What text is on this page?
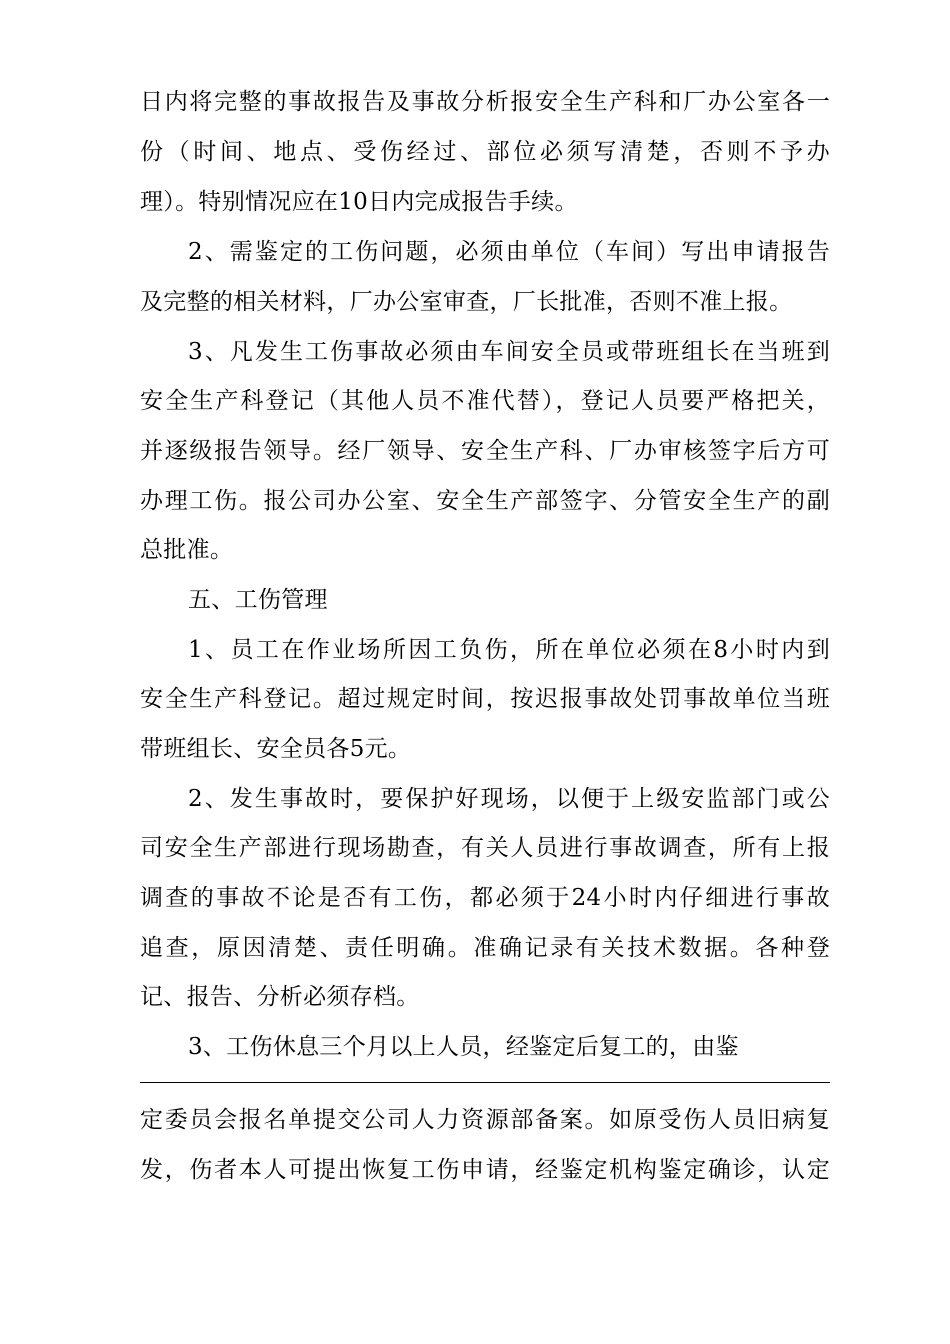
日内将完整的事故报告及事故分析报安全生产科和厂办公室各一
份（时间、地点、受伤经过、部位必须写清楚，否则不予办
理）。特别情况应在10日内完成报告手续。
2、需鉴定的工伤问题，必须由单位（车间）写出申请报告
及完整的相关材料，厂办公室审查，厂长批准，否则不准上报。
3、凡发生工伤事故必须由车间安全员或带班组长在当班到
安全生产科登记（其他人员不准代替），登记人员要严格把关，
并逐级报告领导。经厂领导、安全生产科、厂办审核签字后方可
办理工伤。报公司办公室、安全生产部签字、分管安全生产的副
总批准。
五、工伤管理
1、员工在作业场所因工负伤，所在单位必须在8小时内到
安全生产科登记。超过规定时间，按迟报事故处罚事故单位当班
带班组长、安全员各5元。
2、发生事故时，要保护好现场，以便于上级安监部门或公
司安全生产部进行现场勘查，有关人员进行事故调查，所有上报
调查的事故不论是否有工伤，都必须于24小时内仔细进行事故
追查，原因清楚、责任明确。准确记录有关技术数据。各种登
记、报告、分析必须存档。
3、工伤休息三个月以上人员，经鉴定后复工的，由鉴
定委员会报名单提交公司人力资源部备案。如原受伤人员旧病复
发，伤者本人可提出恢复工伤申请，经鉴定机构鉴定确诊，认定
